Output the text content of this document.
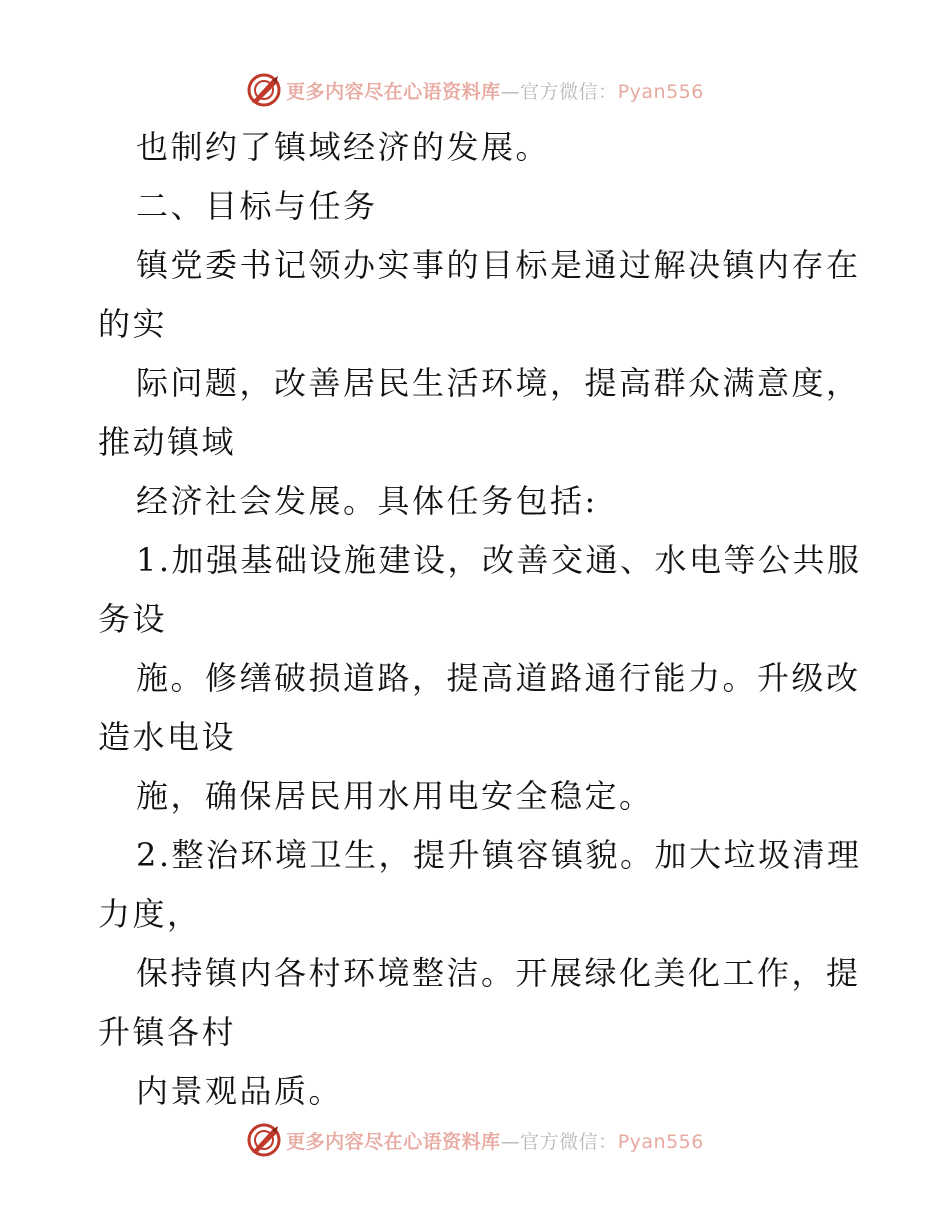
更多内容尽在心语资料库—官方微信：Pyan556
也制约了镇域经济的发展。
二、目标与任务
镇党委书记领办实事的目标是通过解决镇内存在
的实
际问题，改善居民生活环境，提高群众满意度，
推动镇域
经济社会发展。具体任务包括:
1.加强基础设施建设，改善交通、水电等公共服
务设
施。修缮破损道路，提高道路通行能力。升级改
造水电设
施，确保居民用水用电安全稳定。
2.整治环境卫生，提升镇容镇貌。加大垃圾清理
力度，
保持镇内各村环境整洁。开展绿化美化工作，提
升镇各村
内景观品质。
更多内容尽在心语资料库—官方微信：Pyan556
